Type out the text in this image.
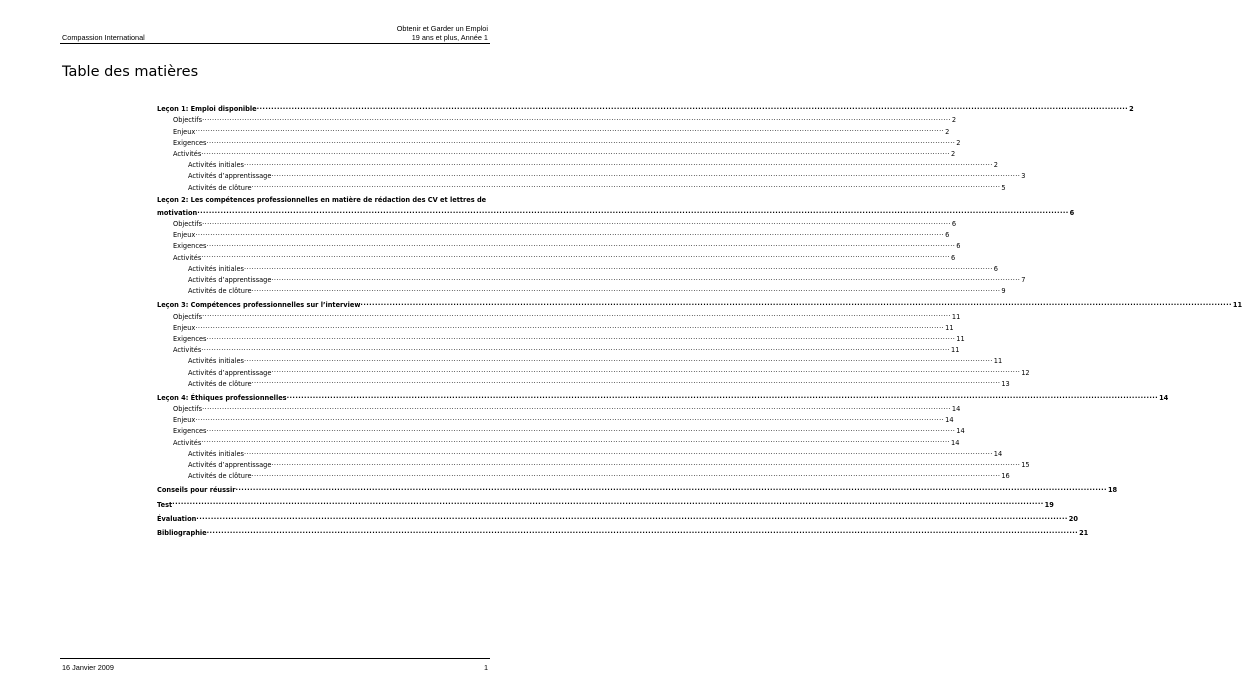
Compassion International
Obtenir et Garder un Emploi
19 ans et plus, Année 1
Table des matières
Leçon 1: Emploi disponible ............................................................................................................................................................................................................................................................................................................ 2
Objectifs ............................................................................................................................................................................................................................................................................................................ 2
Enjeux ............................................................................................................................................................................................................................................................................................................ 2
Exigences ............................................................................................................................................................................................................................................................................................................ 2
Activités ............................................................................................................................................................................................................................................................................................................ 2
Activités initiales ............................................................................................................................................................................................................................................................................................................ 2
Activités d’apprentissage ............................................................................................................................................................................................................................................................................................................ 3
Activités de clôture ............................................................................................................................................................................................................................................................................................................ 5
Leçon 2: Les compétences professionnelles en matière de rédaction des CV et lettres de
motivation ............................................................................................................................................................................................................................................................................................................ 6
Objectifs ............................................................................................................................................................................................................................................................................................................ 6
Enjeux ............................................................................................................................................................................................................................................................................................................ 6
Exigences ............................................................................................................................................................................................................................................................................................................ 6
Activités ............................................................................................................................................................................................................................................................................................................ 6
Activités initiales ............................................................................................................................................................................................................................................................................................................ 6
Activités d’apprentissage ............................................................................................................................................................................................................................................................................................................ 7
Activités de clôture ............................................................................................................................................................................................................................................................................................................ 9
Leçon 3: Compétences professionnelles sur l’interview ............................................................................................................................................................................................................................................................................................................ 11
Objectifs ............................................................................................................................................................................................................................................................................................................ 11
Enjeux ............................................................................................................................................................................................................................................................................................................ 11
Exigences ............................................................................................................................................................................................................................................................................................................ 11
Activités ............................................................................................................................................................................................................................................................................................................ 11
Activités initiales ............................................................................................................................................................................................................................................................................................................ 11
Activités d’apprentissage ............................................................................................................................................................................................................................................................................................................ 12
Activités de clôture ............................................................................................................................................................................................................................................................................................................ 13
Leçon 4: Éthiques professionnelles ............................................................................................................................................................................................................................................................................................................ 14
Objectifs ............................................................................................................................................................................................................................................................................................................ 14
Enjeux ............................................................................................................................................................................................................................................................................................................ 14
Exigences ............................................................................................................................................................................................................................................................................................................ 14
Activités ............................................................................................................................................................................................................................................................................................................ 14
Activités initiales ............................................................................................................................................................................................................................................................................................................ 14
Activités d’apprentissage ............................................................................................................................................................................................................................................................................................................ 15
Activités de clôture ............................................................................................................................................................................................................................................................................................................ 16
Conseils pour réussir ............................................................................................................................................................................................................................................................................................................ 18
Test ............................................................................................................................................................................................................................................................................................................ 19
Évaluation ............................................................................................................................................................................................................................................................................................................ 20
Bibliographie ............................................................................................................................................................................................................................................................................................................ 21
16 Janvier 2009	1
